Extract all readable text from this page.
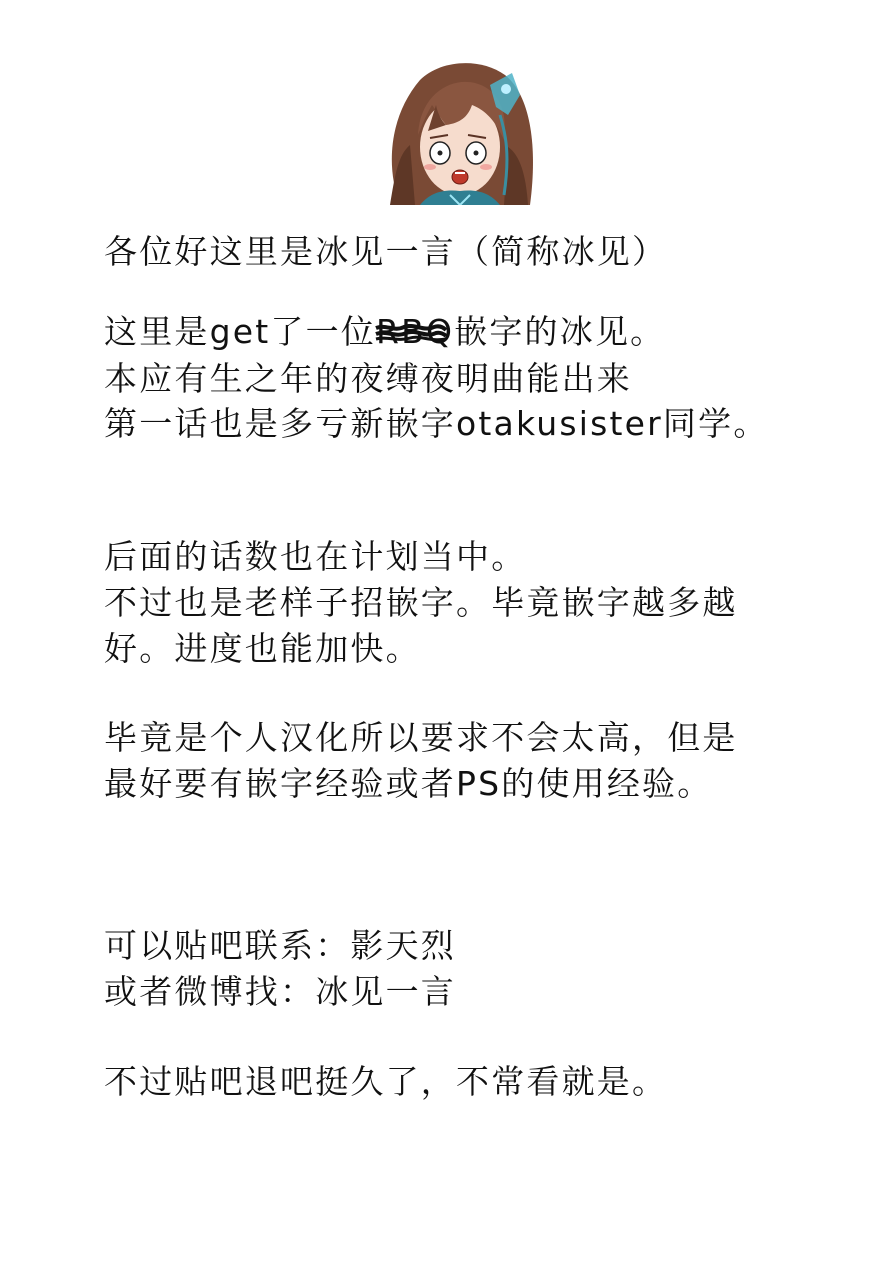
各位好这里是冰见一言（简称冰见）
这里是get了一位RBQ
嵌字的冰见。
本应有生之年的夜缚夜明曲能出来
第一话也是多亏新嵌字otakusister同学。
后面的话数也在计划当中。
不过也是老样子招嵌字。毕竟嵌字越多越
好。进度也能加快。
毕竟是个人汉化所以要求不会太高，但是
最好要有嵌字经验或者PS的使用经验。
可以贴吧联系：影天烈
或者微博找：冰见一言
不过贴吧退吧挺久了，不常看就是。
